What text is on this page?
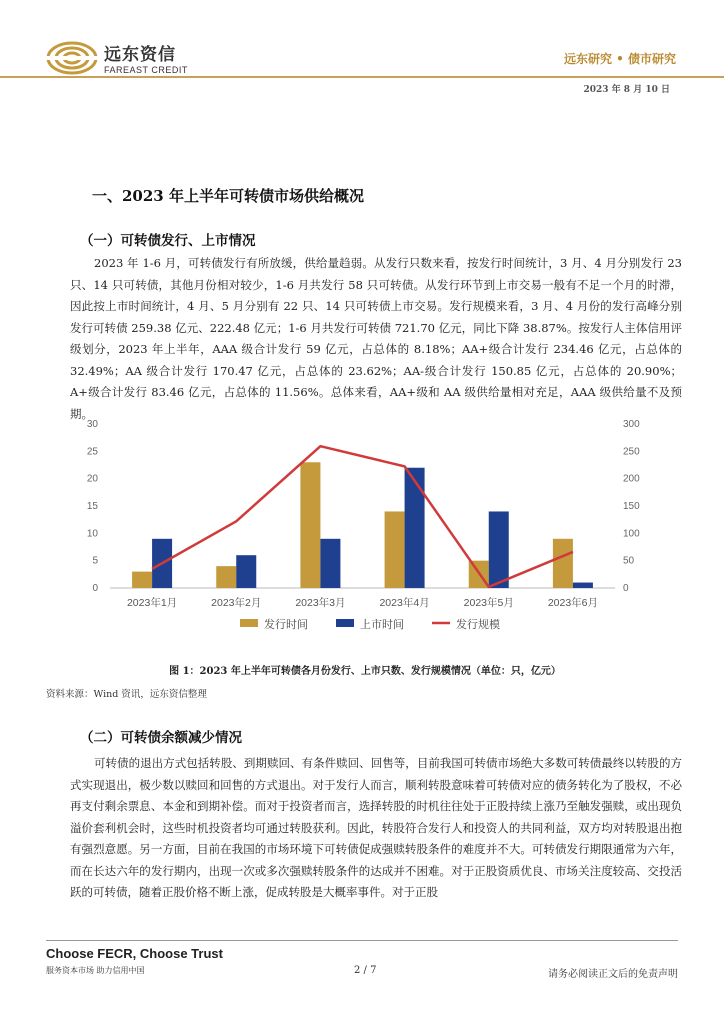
远东资信
FAREAST CREDIT
远东研究 • 债市研究
2023 年 8 月 10 日
一、2023 年上半年可转债市场供给概况
（一）可转债发行、上市情况
2023 年 1-6 月，可转债发行有所放缓，供给量趋弱。从发行只数来看，按发行时间统计，3 月、4 月分别发行 23 只、14 只可转债，其他月份相对较少，1-6 月共发行 58 只可转债。从发行环节到上市交易一般有不足一个月的时滞，因此按上市时间统计，4 月、5 月分别有 22 只、14 只可转债上市交易。发行规模来看，3 月、4 月份的发行高峰分别发行可转债 259.38 亿元、222.48 亿元；1-6 月共发行可转债 721.70 亿元，同比下降 38.87%。按发行人主体信用评级划分，2023 年上半年，AAA 级合计发行 59 亿元，占总体的 8.18%；AA+级合计发行 234.46 亿元，占总体的 32.49%；AA 级合计发行 170.47 亿元，占总体的 23.62%；AA-级合计发行 150.85 亿元，占总体的 20.90%；A+级合计发行 83.46 亿元，占总体的 11.56%。总体来看，AA+级和 AA 级供给量相对充足，AAA 级供给量不及预期。
0
5
10
15
20
25
30
0
50
100
150
200
250
300
2023年1月	2023年2月	2023年3月	2023年4月	2023年5月	2023年6月
发行时间	上市时间	发行规模
图 1：2023 年上半年可转债各月份发行、上市只数、发行规模情况（单位：只，亿元）
资料来源：Wind 资讯，远东资信整理
（二）可转债余额减少情况
可转债的退出方式包括转股、到期赎回、有条件赎回、回售等，目前我国可转债市场绝大多数可转债最终以转股的方式实现退出，极少数以赎回和回售的方式退出。对于发行人而言，顺利转股意味着可转债对应的债务转化为了股权，不必再支付剩余票息、本金和到期补偿。而对于投资者而言，选择转股的时机往往处于正股持续上涨乃至触发强赎，或出现负溢价套利机会时，这些时机投资者均可通过转股获利。因此，转股符合发行人和投资人的共同利益，双方均对转股退出抱有强烈意愿。另一方面，目前在我国的市场环境下可转债促成强赎转股条件的难度并不大。可转债发行期限通常为六年，而在长达六年的发行期内，出现一次或多次强赎转股条件的达成并不困难。对于正股资质优良、市场关注度较高、交投活跃的可转债，随着正股价格不断上涨，促成转股是大概率事件。对于正股
Choose FECR, Choose Trust
服务资本市场 助力信用中国	2 / 7	请务必阅读正文后的免责声明
